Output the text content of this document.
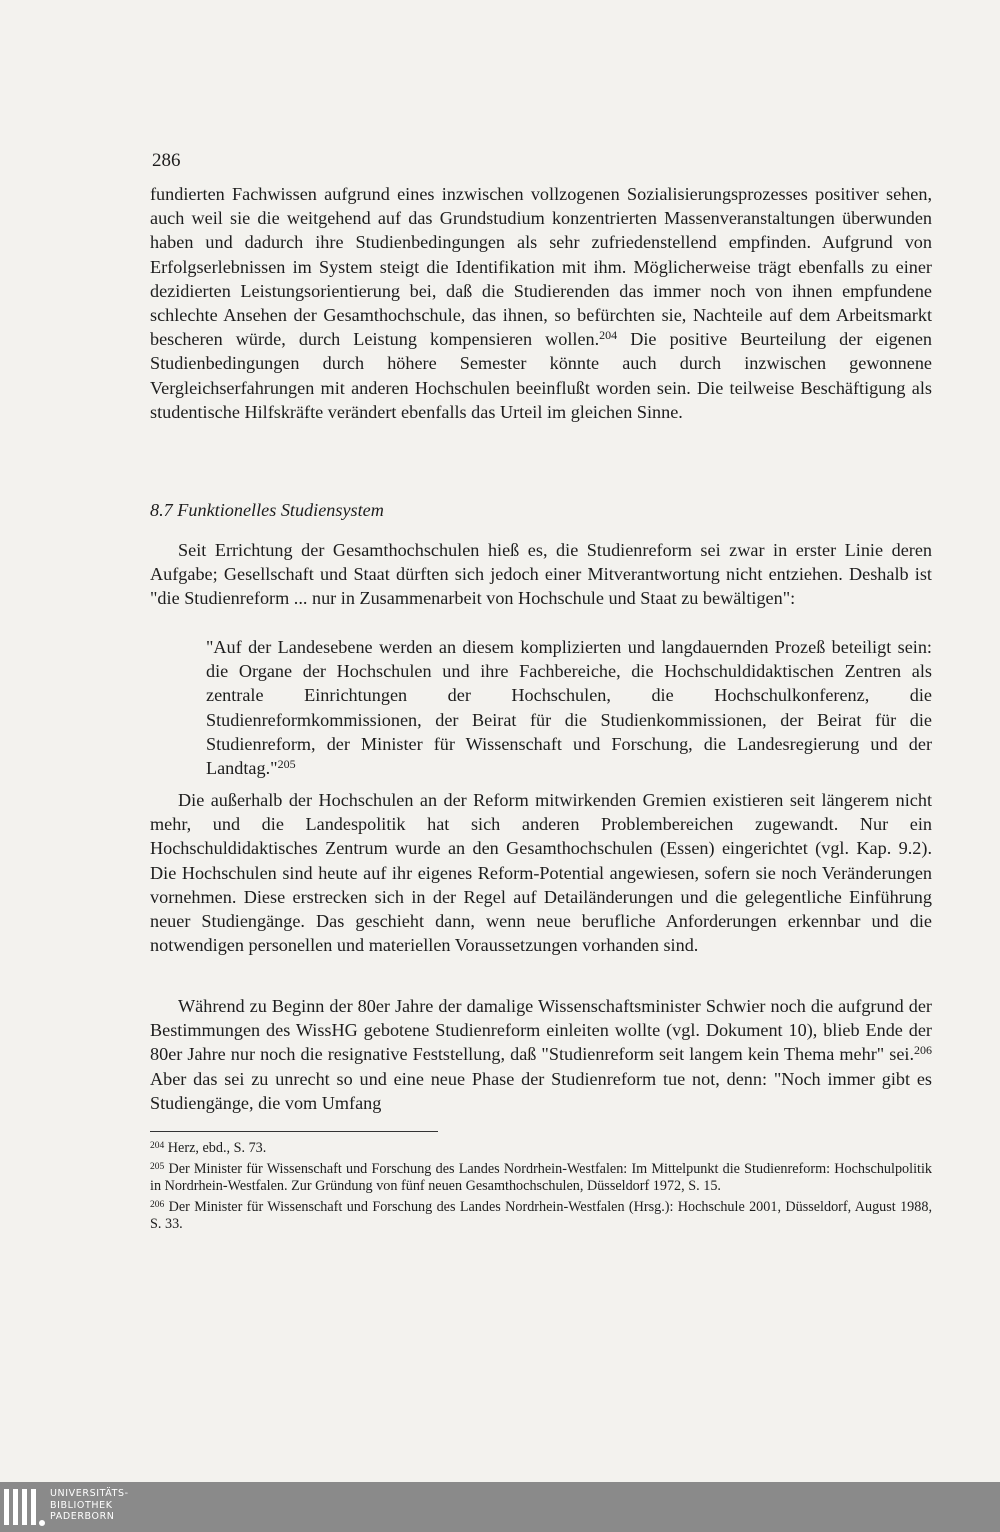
286
fundierten Fachwissen aufgrund eines inzwischen vollzogenen Sozialisierungsprozesses positiver sehen, auch weil sie die weitgehend auf das Grundstudium konzentrierten Massenveranstaltungen überwunden haben und dadurch ihre Studienbedingungen als sehr zufriedenstellend empfinden. Aufgrund von Erfolgserlebnissen im System steigt die Identifikation mit ihm. Möglicherweise trägt ebenfalls zu einer dezidierten Leistungsorientierung bei, daß die Studierenden das immer noch von ihnen empfundene schlechte Ansehen der Gesamthochschule, das ihnen, so befürchten sie, Nachteile auf dem Arbeitsmarkt bescheren würde, durch Leistung kompensieren wollen.$^{204}$ Die positive Beurteilung der eigenen Studienbedingungen durch höhere Semester könnte auch durch inzwischen gewonnene Vergleichserfahrungen mit anderen Hochschulen beeinflußt worden sein. Die teilweise Beschäftigung als studentische Hilfskräfte verändert ebenfalls das Urteil im gleichen Sinne.
8.7 Funktionelles Studiensystem
Seit Errichtung der Gesamthochschulen hieß es, die Studienreform sei zwar in erster Linie deren Aufgabe; Gesellschaft und Staat dürften sich jedoch einer Mitverantwortung nicht entziehen. Deshalb ist "die Studienreform ... nur in Zusammenarbeit von Hochschule und Staat zu bewältigen":
"Auf der Landesebene werden an diesem komplizierten und langdauernden Prozeß beteiligt sein: die Organe der Hochschulen und ihre Fachbereiche, die Hochschuldidaktischen Zentren als zentrale Einrichtungen der Hochschulen, die Hochschulkonferenz, die Studienreformkommissionen, der Beirat für die Studienkommissionen, der Beirat für die Studienreform, der Minister für Wissenschaft und Forschung, die Landesregierung und der Landtag."$^{205}$
Die außerhalb der Hochschulen an der Reform mitwirkenden Gremien existieren seit längerem nicht mehr, und die Landespolitik hat sich anderen Problembereichen zugewandt. Nur ein Hochschuldidaktisches Zentrum wurde an den Gesamthochschulen (Essen) eingerichtet (vgl. Kap. 9.2). Die Hochschulen sind heute auf ihr eigenes Reform-Potential angewiesen, sofern sie noch Veränderungen vornehmen. Diese erstrecken sich in der Regel auf Detailänderungen und die gelegentliche Einführung neuer Studiengänge. Das geschieht dann, wenn neue berufliche Anforderungen erkennbar und die notwendigen personellen und materiellen Voraussetzungen vorhanden sind.
Während zu Beginn der 80er Jahre der damalige Wissenschaftsminister Schwier noch die aufgrund der Bestimmungen des WissHG gebotene Studienreform einleiten wollte (vgl. Dokument 10), blieb Ende der 80er Jahre nur noch die resignative Feststellung, daß "Studienreform seit langem kein Thema mehr" sei.$^{206}$ Aber das sei zu unrecht so und eine neue Phase der Studienreform tue not, denn: "Noch immer gibt es Studiengänge, die vom Umfang
$^{204}$ Herz, ebd., S. 73.
$^{205}$ Der Minister für Wissenschaft und Forschung des Landes Nordrhein-Westfalen: Im Mittelpunkt die Studienreform: Hochschulpolitik in Nordrhein-Westfalen. Zur Gründung von fünf neuen Gesamthochschulen, Düsseldorf 1972, S. 15.
$^{206}$ Der Minister für Wissenschaft und Forschung des Landes Nordrhein-Westfalen (Hrsg.): Hochschule 2001, Düsseldorf, August 1988, S. 33.
UNIVERSITÄTS-
BIBLIOTHEK
PADERBORN
